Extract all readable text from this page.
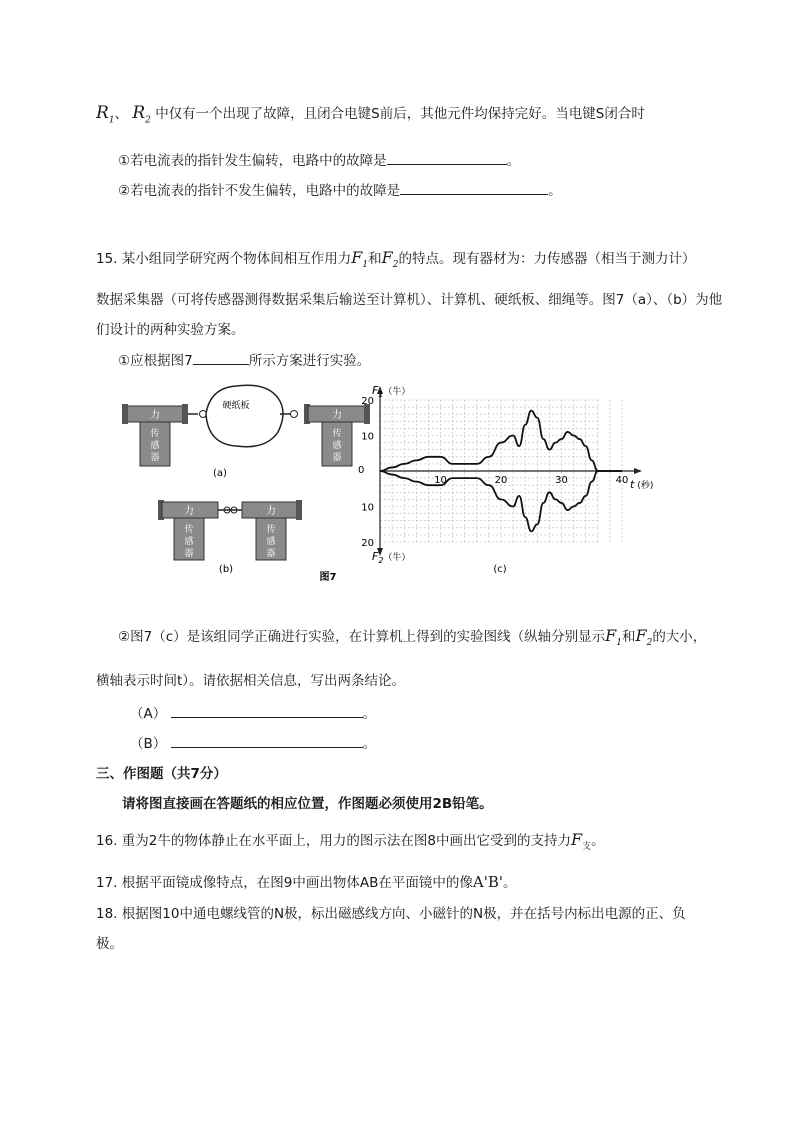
$R_1$、 $R_2$ 中仅有一个出现了故障，且闭合电键S前后，其他元件均保持完好。当电键S闭合时
①若电流表的指针发生偏转，电路中的故障是	。
②若电流表的指针不发生偏转，电路中的故障是	。
15. 某小组同学研究两个物体间相互作用力$F_1$和$F_2$的特点。现有器材为：力传感器（相当于测力计）
数据采集器（可将传感器测得数据采集后输送至计算机）、计算机、硬纸板、细绳等。图7（a）、（b）为他
们设计的两种实验方案。
①应根据图7	所示方案进行实验。
力
传
感
器
硬纸板
力
传
感
器
(a)
力
传
感
器
力
传
感
器
(b)
图7
10	20	30	40
20
10
10
20
$F_1^{(牛)}$
$F_2^{(牛)}$
t (秒)
0
(c)
②图7（c）是该组同学正确进行实验，在计算机上得到的实验图线（纵轴分别显示$F_1$和$F_2$的大小，
横轴表示时间t）。请依据相关信息，写出两条结论。
（A）	。
（B）	。
三、作图题（共7分）
请将图直接画在答题纸的相应位置，作图题必须使用2B铅笔。
16. 重为2牛的物体静止在水平面上，用力的图示法在图8中画出它受到的支持力$F_支$。
17. 根据平面镜成像特点，在图9中画出物体AB在平面镜中的像A'B'。
18. 根据图10中通电螺线管的N极，标出磁感线方向、小磁针的N极，并在括号内标出电源的正、负
极。
